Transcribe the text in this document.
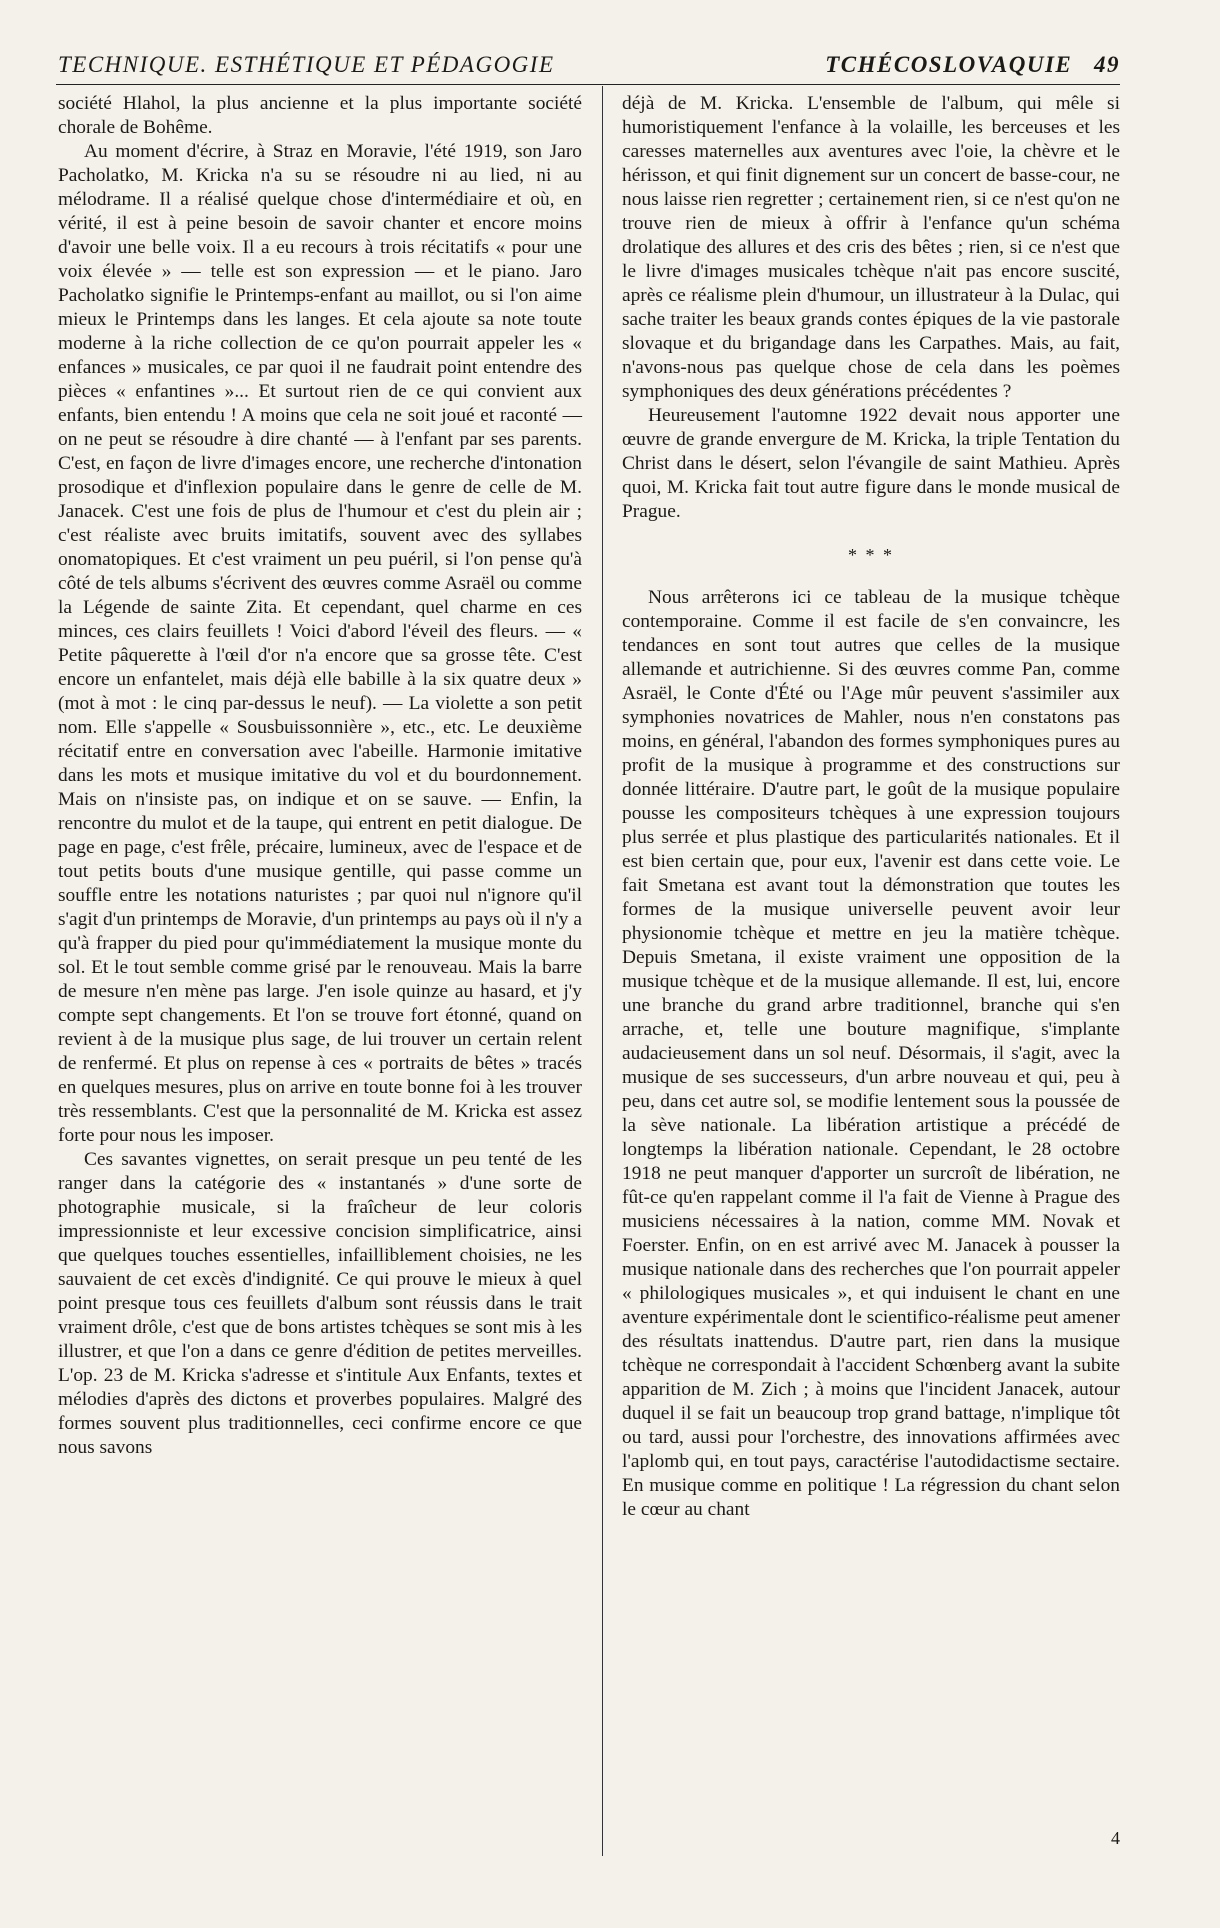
TECHNIQUE. ESTHÉTIQUE ET PÉDAGOGIE	TCHÉCOSLOVAQUIE 49

société Hlahol, la plus ancienne et la plus importante société chorale de Bohême.

Au moment d'écrire, à Straz en Moravie, l'été 1919, son Jaro Pacholatko, M. Kricka n'a su se résoudre ni au lied, ni au mélodrame. Il a réalisé quelque chose d'intermédiaire et où, en vérité, il est à peine besoin de savoir chanter et encore moins d'avoir une belle voix. Il a eu recours à trois récitatifs « pour une voix élevée » — telle est son expression — et le piano. Jaro Pacholatko signifie le Printemps-enfant au maillot, ou si l'on aime mieux le Printemps dans les langes. Et cela ajoute sa note toute moderne à la riche collection de ce qu'on pourrait appeler les « enfances » musicales, ce par quoi il ne faudrait point entendre des pièces « enfantines »... Et surtout rien de ce qui convient aux enfants, bien entendu ! A moins que cela ne soit joué et raconté — on ne peut se résoudre à dire chanté — à l'enfant par ses parents. C'est, en façon de livre d'images encore, une recherche d'intonation prosodique et d'inflexion populaire dans le genre de celle de M. Janacek. C'est une fois de plus de l'humour et c'est du plein air ; c'est réaliste avec bruits imitatifs, souvent avec des syllabes onomatopiques. Et c'est vraiment un peu puéril, si l'on pense qu'à côté de tels albums s'écrivent des œuvres comme Asraël ou comme la Légende de sainte Zita. Et cependant, quel charme en ces minces, ces clairs feuillets ! Voici d'abord l'éveil des fleurs. — « Petite pâquerette à l'œil d'or n'a encore que sa grosse tête. C'est encore un enfantelet, mais déjà elle babille à la six quatre deux » (mot à mot : le cinq par-dessus le neuf). — La violette a son petit nom. Elle s'appelle « Sousbuissonnière », etc., etc. Le deuxième récitatif entre en conversation avec l'abeille. Harmonie imitative dans les mots et musique imitative du vol et du bourdonnement. Mais on n'insiste pas, on indique et on se sauve. — Enfin, la rencontre du mulot et de la taupe, qui entrent en petit dialogue. De page en page, c'est frêle, précaire, lumineux, avec de l'espace et de tout petits bouts d'une musique gentille, qui passe comme un souffle entre les notations naturistes ; par quoi nul n'ignore qu'il s'agit d'un printemps de Moravie, d'un printemps au pays où il n'y a qu'à frapper du pied pour qu'immédiatement la musique monte du sol. Et le tout semble comme grisé par le renouveau. Mais la barre de mesure n'en mène pas large. J'en isole quinze au hasard, et j'y compte sept changements. Et l'on se trouve fort étonné, quand on revient à de la musique plus sage, de lui trouver un certain relent de renfermé. Et plus on repense à ces « portraits de bêtes » tracés en quelques mesures, plus on arrive en toute bonne foi à les trouver très ressemblants. C'est que la personnalité de M. Kricka est assez forte pour nous les imposer.

Ces savantes vignettes, on serait presque un peu tenté de les ranger dans la catégorie des « instantanés » d'une sorte de photographie musicale, si la fraîcheur de leur coloris impressionniste et leur excessive concision simplificatrice, ainsi que quelques touches essentielles, infailliblement choisies, ne les sauvaient de cet excès d'indignité. Ce qui prouve le mieux à quel point presque tous ces feuillets d'album sont réussis dans le trait vraiment drôle, c'est que de bons artistes tchèques se sont mis à les illustrer, et que l'on a dans ce genre d'édition de petites merveilles. L'op. 23 de M. Kricka s'adresse et s'intitule Aux Enfants, textes et mélodies d'après des dictons et proverbes populaires. Malgré des formes souvent plus traditionnelles, ceci confirme encore ce que nous savons

déjà de M. Kricka. L'ensemble de l'album, qui mêle si humoristiquement l'enfance à la volaille, les berceuses et les caresses maternelles aux aventures avec l'oie, la chèvre et le hérisson, et qui finit dignement sur un concert de basse-cour, ne nous laisse rien regretter ; certainement rien, si ce n'est qu'on ne trouve rien de mieux à offrir à l'enfance qu'un schéma drolatique des allures et des cris des bêtes ; rien, si ce n'est que le livre d'images musicales tchèque n'ait pas encore suscité, après ce réalisme plein d'humour, un illustrateur à la Dulac, qui sache traiter les beaux grands contes épiques de la vie pastorale slovaque et du brigandage dans les Carpathes. Mais, au fait, n'avons-nous pas quelque chose de cela dans les poèmes symphoniques des deux générations précédentes ?

Heureusement l'automne 1922 devait nous apporter une œuvre de grande envergure de M. Kricka, la triple Tentation du Christ dans le désert, selon l'évangile de saint Mathieu. Après quoi, M. Kricka fait tout autre figure dans le monde musical de Prague.

* * *

Nous arrêterons ici ce tableau de la musique tchèque contemporaine. Comme il est facile de s'en convaincre, les tendances en sont tout autres que celles de la musique allemande et autrichienne. Si des œuvres comme Pan, comme Asraël, le Conte d'Été ou l'Age mûr peuvent s'assimiler aux symphonies novatrices de Mahler, nous n'en constatons pas moins, en général, l'abandon des formes symphoniques pures au profit de la musique à programme et des constructions sur donnée littéraire. D'autre part, le goût de la musique populaire pousse les compositeurs tchèques à une expression toujours plus serrée et plus plastique des particularités nationales. Et il est bien certain que, pour eux, l'avenir est dans cette voie. Le fait Smetana est avant tout la démonstration que toutes les formes de la musique universelle peuvent avoir leur physionomie tchèque et mettre en jeu la matière tchèque. Depuis Smetana, il existe vraiment une opposition de la musique tchèque et de la musique allemande. Il est, lui, encore une branche du grand arbre traditionnel, branche qui s'en arrache, et, telle une bouture magnifique, s'implante audacieusement dans un sol neuf. Désormais, il s'agit, avec la musique de ses successeurs, d'un arbre nouveau et qui, peu à peu, dans cet autre sol, se modifie lentement sous la poussée de la sève nationale. La libération artistique a précédé de longtemps la libération nationale. Cependant, le 28 octobre 1918 ne peut manquer d'apporter un surcroît de libération, ne fût-ce qu'en rappelant comme il l'a fait de Vienne à Prague des musiciens nécessaires à la nation, comme MM. Novak et Foerster. Enfin, on en est arrivé avec M. Janacek à pousser la musique nationale dans des recherches que l'on pourrait appeler « philologiques musicales », et qui induisent le chant en une aventure expérimentale dont le scientifico-réalisme peut amener des résultats inattendus. D'autre part, rien dans la musique tchèque ne correspondait à l'accident Schœnberg avant la subite apparition de M. Zich ; à moins que l'incident Janacek, autour duquel il se fait un beaucoup trop grand battage, n'implique tôt ou tard, aussi pour l'orchestre, des innovations affirmées avec l'aplomb qui, en tout pays, caractérise l'autodidactisme sectaire. En musique comme en politique ! La régression du chant selon le cœur au chant

4
